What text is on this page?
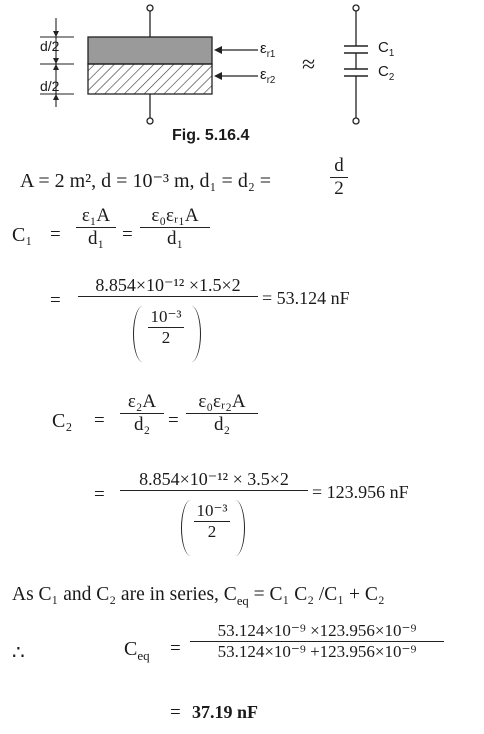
d/2
d/2
$\varepsilon_{r1}$
$\varepsilon_{r2}$
≈
$C_1$
$C_2$
Fig. 5.16.4
A = 2 m², d = 10⁻³ m, d₁ = d₂ =
d
2
C₁ =
ε₁A
d₁ =
ε₀εᵣ₁A
d₁
=
8.854×10⁻¹² ×1.5×2
10⁻³
2
= 53.124 nF
C₂ =
ε₂A
d₂ =
ε₀εᵣ₂A
d₂
=
8.854×10⁻¹² × 3.5×2
10⁻³
2
= 123.956 nF
As C₁ and C₂ are in series, $C_{eq} = C_1$ C₂ /C₁ + C₂
∴	$C_{eq}$ =
53.124×10⁻⁹ ×123.956×10⁻⁹
53.124×10⁻⁹ +123.956×10⁻⁹
= 37.19 nF
